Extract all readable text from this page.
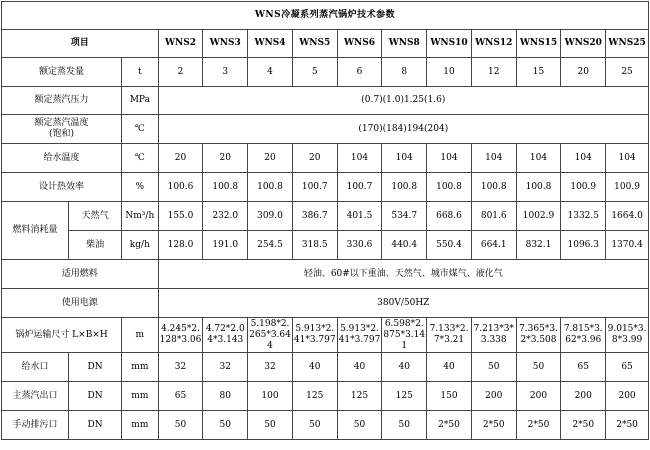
WNS冷凝系列蒸汽锅炉技术参数													
项目			WNS2	WNS3	WNS4	WNS5	WNS6	WNS8	WNS10	WNS12	WNS15	WNS20	WNS25
额定蒸发量		t	2	3	4	5	6	8	10	12	15	20	25
额定蒸汽压力		MPa	(0.7)(1.0)1.25(1.6)										
额定蒸汽温度
(饱和)		℃	(170)(184)194(204)										
给水温度		℃	20	20	20	20	104	104	104	104	104	104	104
设计热效率		%	100.6	100.8	100.8	100.7	100.7	100.8	100.8	100.8	100.8	100.9	100.9
燃料消耗量	天然气	Nm³/h	155.0	232.0	309.0	386.7	401.5	534.7	668.6	801.6	1002.9	1332.5	1664.0
	柴油	kg/h	128.0	191.0	254.5	318.5	330.6	440.4	550.4	664.1	832.1	1096.3	1370.4
适用燃料			轻油、60#以下重油、天然气、城市煤气、液化气										
使用电源			380V/50HZ										
锅炉运输尺寸 L×B×H		m	4.245*2.128*3.06	4.72*2.04*3.143	5.198*2.265*3.644	5.913*2.41*3.797	5.913*2.41*3.797	6.598*2.875*3.141	7.133*2.7*3.21	7.213*3*3.338	7.365*3.2*3.508	7.815*3.62*3.96	9.015*3.8*3.99
给水口	DN	mm	32	32	32	40	40	40	40	50	50	65	65
主蒸汽出口	DN	mm	65	80	100	125	125	125	150	200	200	200	200
手动排污口	DN	mm	50	50	50	50	50	50	2*50	2*50	2*50	2*50	2*50
